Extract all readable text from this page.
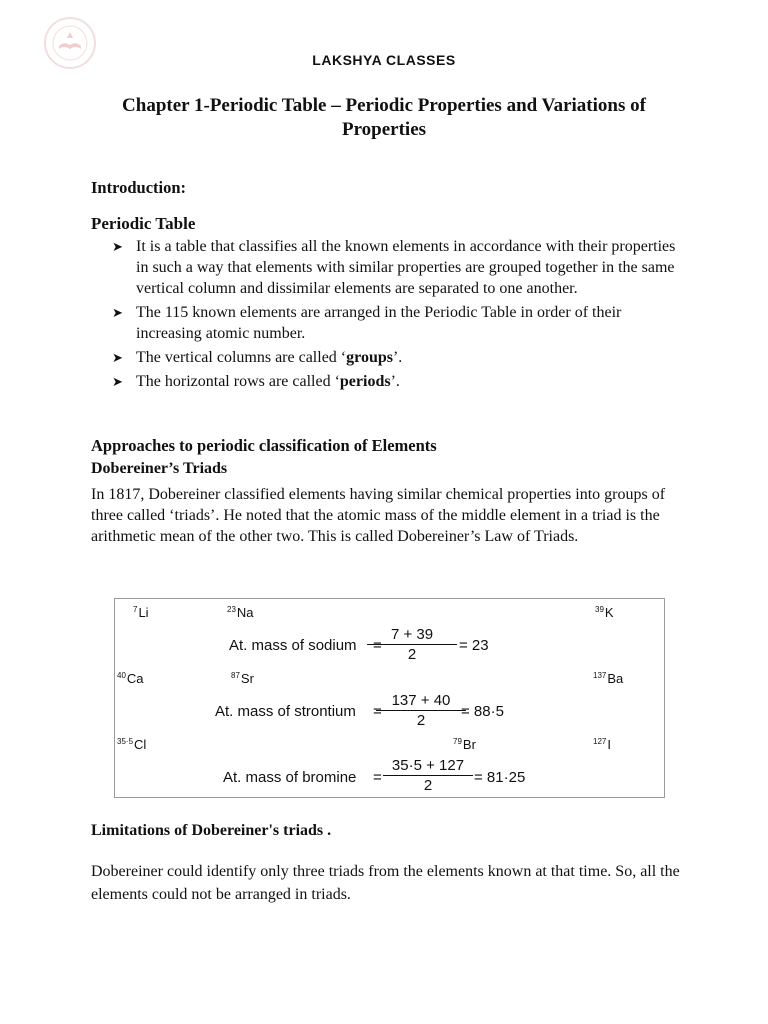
LAKSHYA CLASSES
Chapter 1-Periodic Table – Periodic Properties and Variations of Properties
Introduction:
Periodic Table
➤ It is a table that classifies all the known elements in accordance with their properties in such a way that elements with similar properties are grouped together in the same vertical column and dissimilar elements are separated to one another.
➤ The 115 known elements are arranged in the Periodic Table in order of their increasing atomic number.
➤ The vertical columns are called ‘groups’.
➤ The horizontal rows are called ‘periods’.
Approaches to periodic classification of Elements
Dobereiner’s Triads
In 1817, Dobereiner classified elements having similar chemical properties into groups of three called ‘triads’. He noted that the atomic mass of the middle element in a triad is the arithmetic mean of the other two. This is called Dobereiner’s Law of Triads.
$^7$Li	$^{23}$Na	$^{39}$K
At. mass of sodium =
$\frac{7 + 39}{2} = 23$
$^{40}$Ca	$^{87}$Sr	$^{137}$Ba
At. mass of strontium =
$\frac{137 + 40}{2}$
= 88·5
$^{35\cdot 5}$Cl	$^{79}$Br	$^{127}$I
At. mass of $bromine = \frac{35\cdot 5 + 127}{2} = 81\cdot 25$
Limitations of Dobereiner's triads .
Dobereiner could identify only three triads from the elements known at that time. So, all the elements could not be arranged in triads.
